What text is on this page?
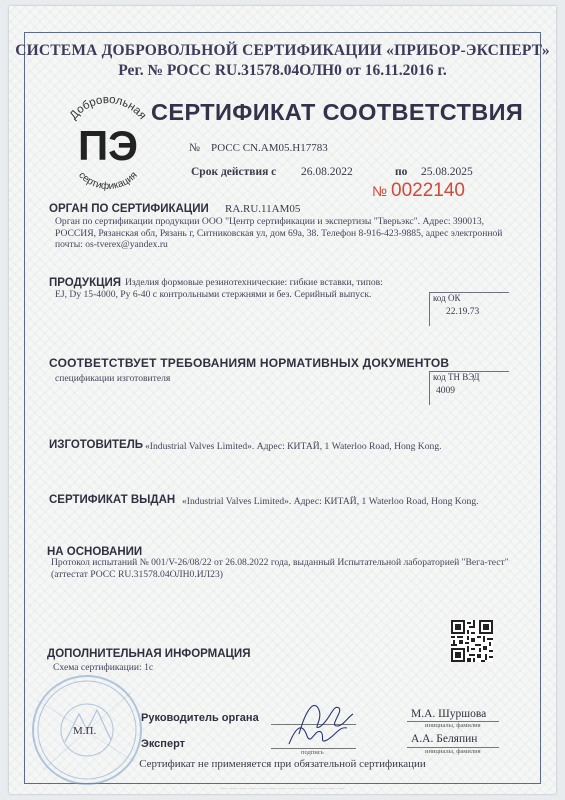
СИСТЕМА ДОБРОВОЛЬНОЙ СЕРТИФИКАЦИИ «ПРИБОР-ЭКСПЕРТ»
Рег. № РОСС RU.31578.04ОЛН0 от 16.11.2016 г.
Добровольная
сертификация
ПЭ
СЕРТИФИКАТ СООТВЕТСТВИЯ
№ РОСС CN.АМ05.Н17783
Срок действия с 26.08.2022	по 25.08.2025
№ 0022140
ОРГАН ПО СЕРТИФИКАЦИИ RA.RU.11АМ05
Орган по сертификации продукции ООО "Центр сертификации и экспертизы "Тверьэкс". Адрес: 390013, РОССИЯ, Рязанская обл, Рязань г, Ситниковская ул, дом 69а, 38. Телефон 8-916-423-9885, адрес электронной почты: os-tverex@yandex.ru
ПРОДУКЦИЯ Изделия формовые резинотехнические: гибкие вставки, типов: EJ, Dy 15-4000, Ру 6-40 с контрольными стержнями и без. Серийный выпуск.	код ОК
22.19.73
СООТВЕТСТВУЕТ ТРЕБОВАНИЯМ НОРМАТИВНЫХ ДОКУМЕНТОВ
спецификации изготовителя	код ТН ВЭД
4009
ИЗГОТОВИТЕЛЬ «Industrial Valves Limited». Адрес: КИТАЙ, 1 Waterloo Road, Hong Kong.
СЕРТИФИКАТ ВЫДАН «Industrial Valves Limited». Адрес: КИТАЙ, 1 Waterloo Road, Hong Kong.
НА ОСНОВАНИИ
Протокол испытаний № 001/V-26/08/22 от 26.08.2022 года, выданный Испытательной лабораторией "Вега-тест" (аттестат РОСС RU.31578.04ОЛН0.ИЛ23)
ДОПОЛНИТЕЛЬНАЯ ИНФОРМАЦИЯ
Схема сертификации: 1с
М.П.
Руководитель органа	М.А. Шуршова
инициалы, фамилия
Эксперт
подпись
А.А. Беляпин
инициалы, фамилия
Сертификат не применяется при обязательной сертификации
············································································
